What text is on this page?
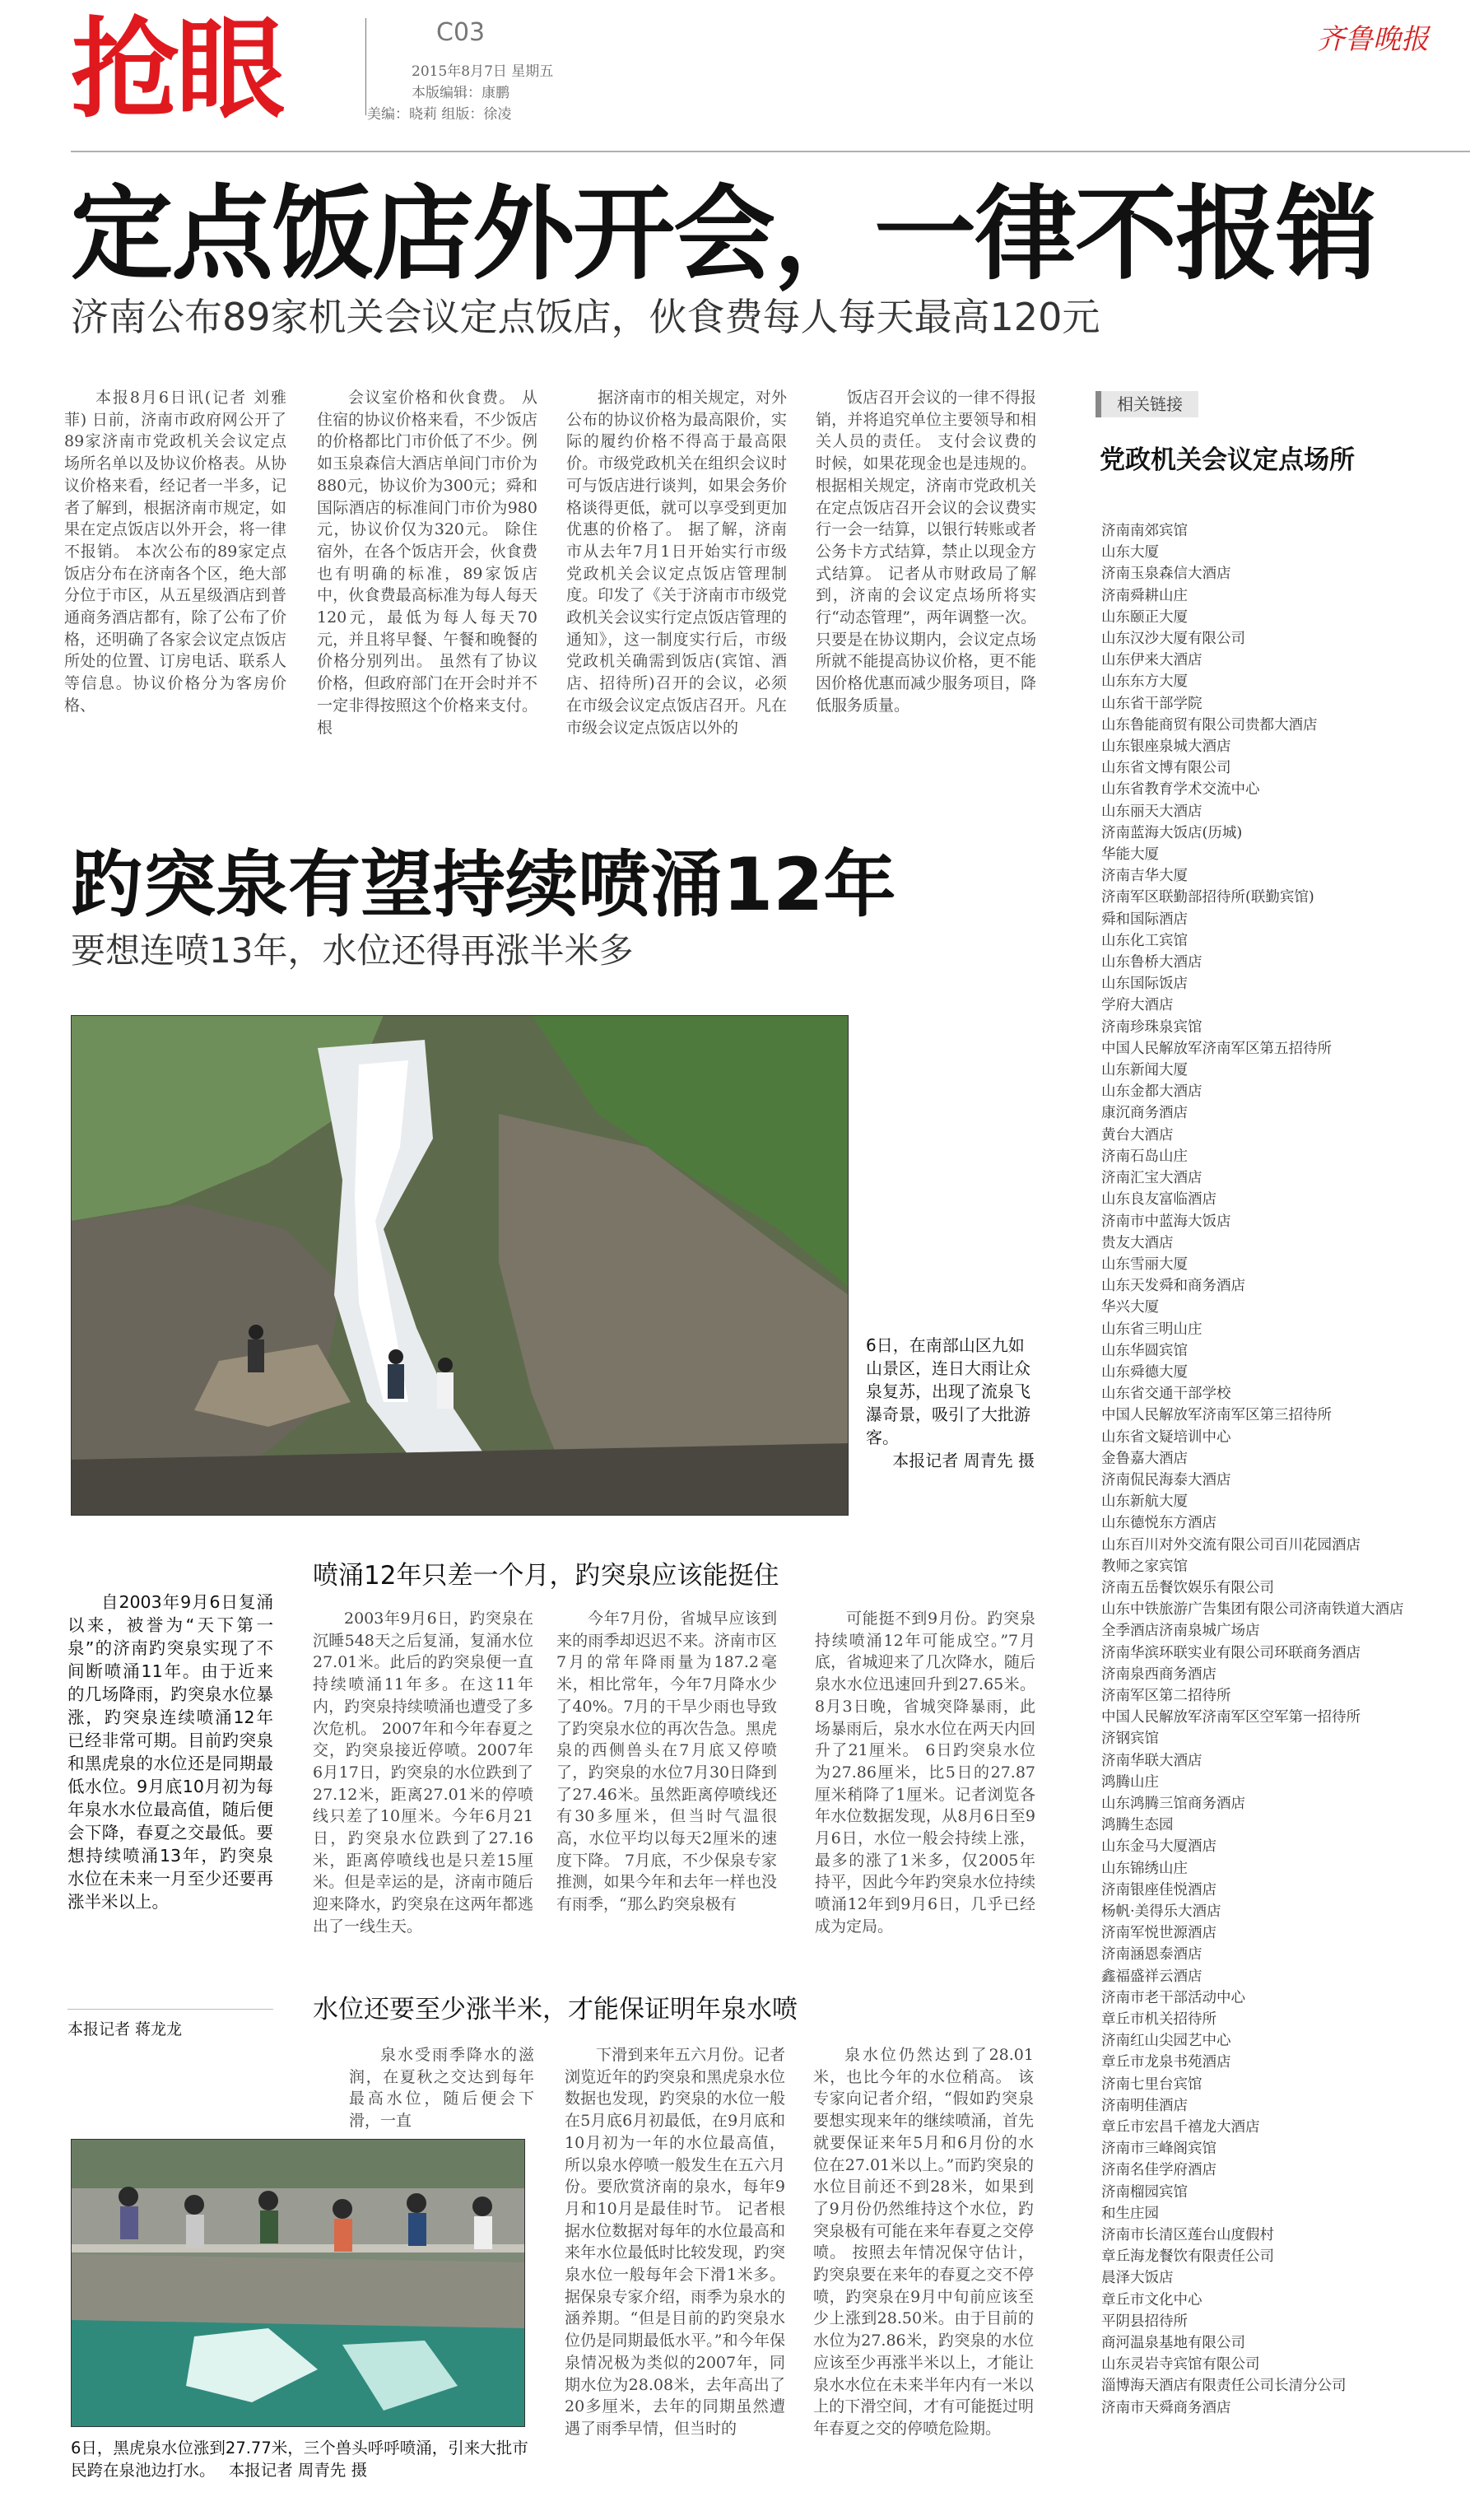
抢眼	C03
2015年8月7日 星期五
本版编辑：康鹏
美编：晓莉 组版：徐凌
齐鲁晚报
定点饭店外开会，一律不报销
济南公布89家机关会议定点饭店，伙食费每人每天最高120元
本报8月6日讯(记者 刘雅菲) 日前，济南市政府网公开了89家济南市党政机关会议定点场所名单以及协议价格表。从协议价格来看，经记者一半多，记者了解到，根据济南市规定，如果在定点饭店以外开会，将一律不报销。 本次公布的89家定点饭店分布在济南各个区，绝大部分位于市区，从五星级酒店到普通商务酒店都有，除了公布了价格，还明确了各家会议定点饭店所处的位置、订房电话、联系人等信息。协议价格分为客房价格、
会议室价格和伙食费。 从住宿的协议价格来看，不少饭店的价格都比门市价低了不少。例如玉泉森信大酒店单间门市价为880元，协议价为300元；舜和国际酒店的标准间门市价为980元，协议价仅为320元。 除住宿外，在各个饭店开会，伙食费也有明确的标准，89家饭店中，伙食费最高标准为每人每天120元，最低为每人每天70元，并且将早餐、午餐和晚餐的价格分别列出。 虽然有了协议价格，但政府部门在开会时并不一定非得按照这个价格来支付。根
据济南市的相关规定，对外公布的协议价格为最高限价，实际的履约价格不得高于最高限价。市级党政机关在组织会议时可与饭店进行谈判，如果会务价格谈得更低，就可以享受到更加优惠的价格了。 据了解，济南市从去年7月1日开始实行市级党政机关会议定点饭店管理制度。印发了《关于济南市市级党政机关会议实行定点饭店管理的通知》，这一制度实行后，市级党政机关确需到饭店(宾馆、酒店、招待所)召开的会议，必须在市级会议定点饭店召开。凡在市级会议定点饭店以外的
饭店召开会议的一律不得报销，并将追究单位主要领导和相关人员的责任。 支付会议费的时候，如果花现金也是违规的。根据相关规定，济南市党政机关在定点饭店召开会议的会议费实行一会一结算，以银行转账或者公务卡方式结算，禁止以现金方式结算。 记者从市财政局了解到，济南的会议定点场所将实行“动态管理”，两年调整一次。只要是在协议期内，会议定点场所就不能提高协议价格，更不能因价格优惠而减少服务项目，降低服务质量。
相关链接
党政机关会议定点场所
济南南郊宾馆
山东大厦
济南玉泉森信大酒店
济南舜耕山庄
山东颐正大厦
山东汉沙大厦有限公司
山东伊来大酒店
山东东方大厦
山东省干部学院
山东鲁能商贸有限公司贵都大酒店
山东银座泉城大酒店
山东省文博有限公司
山东省教育学术交流中心
山东丽天大酒店
济南蓝海大饭店(历城)
华能大厦
济南吉华大厦
济南军区联勤部招待所(联勤宾馆)
舜和国际酒店
山东化工宾馆
山东鲁桥大酒店
山东国际饭店
学府大酒店
济南珍珠泉宾馆
中国人民解放军济南军区第五招待所
山东新闻大厦
山东金都大酒店
康沉商务酒店
黄台大酒店
济南石岛山庄
济南汇宝大酒店
山东良友富临酒店
济南市中蓝海大饭店
贵友大酒店
山东雪丽大厦
山东天发舜和商务酒店
华兴大厦
山东省三明山庄
山东华圆宾馆
山东舜德大厦
山东省交通干部学校
中国人民解放军济南军区第三招待所
山东省文疑培训中心
金鲁嘉大酒店
济南侃民海泰大酒店
山东新航大厦
山东德悦东方酒店
山东百川对外交流有限公司百川花园酒店
教师之家宾馆
济南五岳餐饮娱乐有限公司
山东中铁旅游广告集团有限公司济南铁道大酒店
全季酒店济南泉城广场店
济南华滨环联实业有限公司环联商务酒店
济南泉西商务酒店
济南军区第二招待所
中国人民解放军济南军区空军第一招待所
济钢宾馆
济南华联大酒店
鸿腾山庄
山东鸿腾三馆商务酒店
鸿腾生态园
山东金马大厦酒店
山东锦绣山庄
济南银座佳悦酒店
杨帆·美得乐大酒店
济南军悦世源酒店
济南涵恩泰酒店
鑫福盛祥云酒店
济南市老干部活动中心
章丘市机关招待所
济南红山尖园艺中心
章丘市龙泉书苑酒店
济南七里台宾馆
济南明佳酒店
章丘市宏昌千禧龙大酒店
济南市三峰阁宾馆
济南名佳学府酒店
济南榴园宾馆
和生庄园
济南市长清区莲台山度假村
章丘海龙餐饮有限责任公司
晨泽大饭店
章丘市文化中心
平阴县招待所
商河温泉基地有限公司
山东灵岩寺宾馆有限公司
淄博海天酒店有限责任公司长清分公司
济南市天舜商务酒店
趵突泉有望持续喷涌12年
要想连喷13年，水位还得再涨半米多
6日，在南部山区九如山景区，连日大雨让众泉复苏，出现了流泉飞瀑奇景，吸引了大批游客。
本报记者 周青先 摄
自2003年9月6日复涌以来，被誉为“天下第一泉”的济南趵突泉实现了不间断喷涌11年。由于近来的几场降雨，趵突泉水位暴涨，趵突泉连续喷涌12年已经非常可期。目前趵突泉和黑虎泉的水位还是同期最低水位。9月底10月初为每年泉水水位最高值，随后便会下降，春夏之交最低。要想持续喷涌13年，趵突泉水位在未来一月至少还要再涨半米以上。
本报记者 蒋龙龙
喷涌12年只差一个月，趵突泉应该能挺住
2003年9月6日，趵突泉在沉睡548天之后复涌，复涌水位27.01米。此后的趵突泉便一直持续喷涌11年多。在这11年内，趵突泉持续喷涌也遭受了多次危机。 2007年和今年春夏之交，趵突泉接近停喷。2007年6月17日，趵突泉的水位跌到了27.12米，距离27.01米的停喷线只差了10厘米。今年6月21日，趵突泉水位跌到了27.16米，距离停喷线也是只差15厘米。但是幸运的是，济南市随后迎来降水，趵突泉在这两年都逃出了一线生天。
今年7月份，省城早应该到来的雨季却迟迟不来。济南市区7月的常年降雨量为187.2毫米，相比常年，今年7月降水少了40%。7月的干旱少雨也导致了趵突泉水位的再次告急。黑虎泉的西侧兽头在7月底又停喷了，趵突泉的水位7月30日降到了27.46米。虽然距离停喷线还有30多厘米，但当时气温很高，水位平均以每天2厘米的速度下降。 7月底，不少保泉专家推测，如果今年和去年一样也没有雨季，“那么趵突泉极有
可能挺不到9月份。趵突泉持续喷涌12年可能成空。”7月底，省城迎来了几次降水，随后泉水水位迅速回升到27.65米。8月3日晚，省城突降暴雨，此场暴雨后，泉水水位在两天内回升了21厘米。 6日趵突泉水位为27.86厘米，比5日的27.87厘米稍降了1厘米。记者浏览各年水位数据发现，从8月6日至9月6日，水位一般会持续上涨，最多的涨了1米多，仅2005年持平，因此今年趵突泉水位持续喷涌12年到9月6日，几乎已经成为定局。
水位还要至少涨半米，才能保证明年泉水喷
泉水受雨季降水的滋润，在夏秋之交达到每年最高水位，随后便会下滑，一直
下滑到来年五六月份。记者浏览近年的趵突泉和黑虎泉水位数据也发现，趵突泉的水位一般在5月底6月初最低，在9月底和10月初为一年的水位最高值，所以泉水停喷一般发生在五六月份。要欣赏济南的泉水，每年9月和10月是最佳时节。 记者根据水位数据对每年的水位最高和来年水位最低时比较发现，趵突泉水位一般每年会下滑1米多。据保泉专家介绍，雨季为泉水的涵养期。“但是目前的趵突泉水位仍是同期最低水平。”和今年保泉情况极为类似的2007年，同期水位为28.08米，去年高出了20多厘米，去年的同期虽然遭遇了雨季早情，但当时的
泉水位仍然达到了28.01米，也比今年的水位稍高。 该专家向记者介绍，“假如趵突泉要想实现来年的继续喷涌，首先就要保证来年5月和6月份的水位在27.01米以上。”而趵突泉的水位目前还不到28米，如果到了9月份仍然维持这个水位，趵突泉极有可能在来年春夏之交停喷。 按照去年情况保守估计，趵突泉要在来年的春夏之交不停喷，趵突泉在9月中旬前应该至少上涨到28.50米。由于目前的水位为27.86米，趵突泉的水位应该至少再涨半米以上，才能让泉水水位在未来半年内有一米以上的下滑空间，才有可能挺过明年春夏之交的停喷危险期。
6日，黑虎泉水位涨到27.77米，三个兽头呼呼喷涌，引来大批市民跨在泉池边打水。 本报记者 周青先 摄
